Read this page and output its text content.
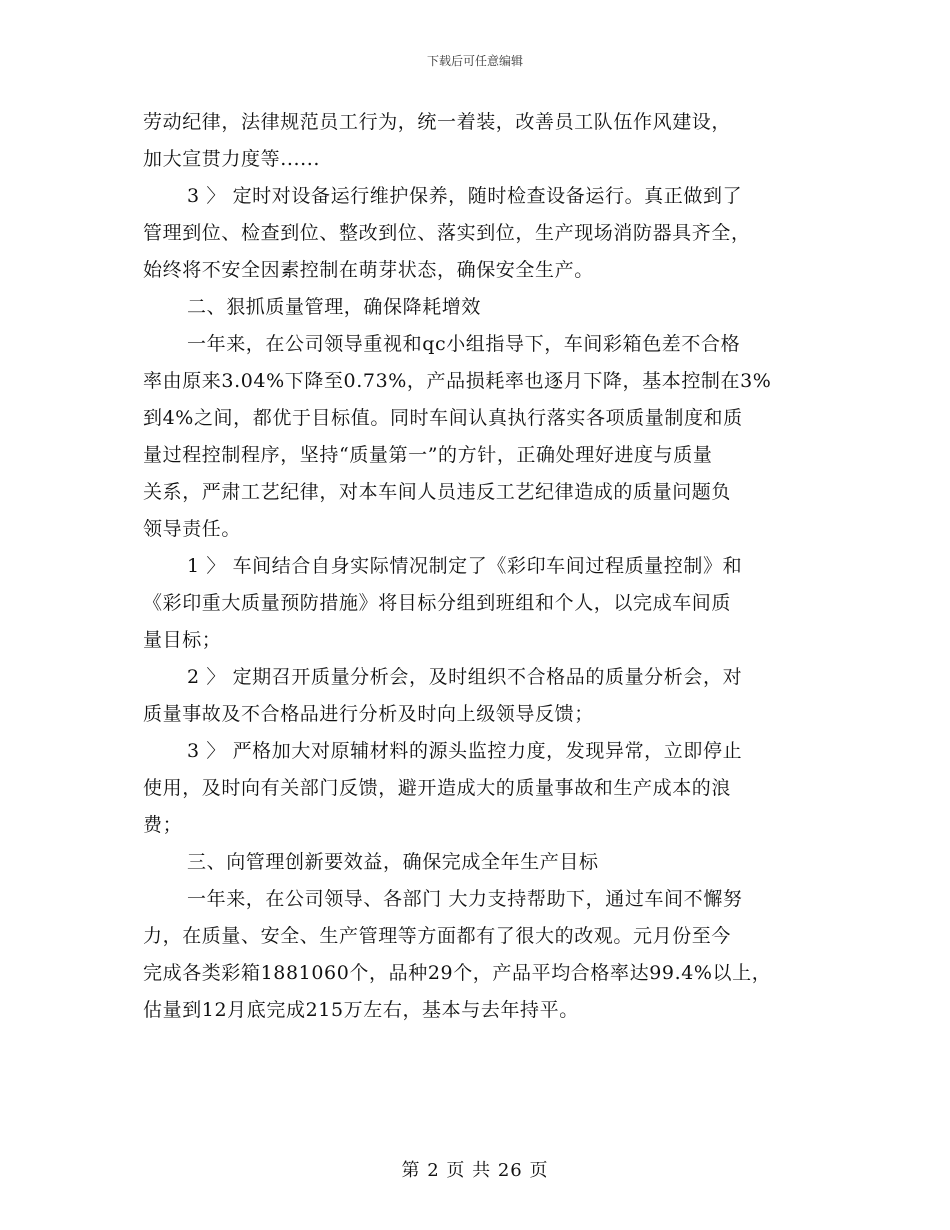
下载后可任意编辑
劳动纪律，法律规范员工行为，统一着装，改善员工队伍作风建设，
加大宣贯力度等......
3 〉 定时对设备运行维护保养，随时检查设备运行。真正做到了
管理到位、检查到位、整改到位、落实到位，生产现场消防器具齐全，
始终将不安全因素控制在萌芽状态，确保安全生产。
二、狠抓质量管理，确保降耗增效
一年来，在公司领导重视和qc小组指导下，车间彩箱色差不合格
率由原来3.04%下降至0.73%，产品损耗率也逐月下降，基本控制在3%
到4%之间，都优于目标值。同时车间认真执行落实各项质量制度和质
量过程控制程序，坚持“质量第一”的方针，正确处理好进度与质量
关系，严肃工艺纪律，对本车间人员违反工艺纪律造成的质量问题负
领导责任。
1 〉 车间结合自身实际情况制定了《彩印车间过程质量控制》和
《彩印重大质量预防措施》将目标分组到班组和个人，以完成车间质
量目标；
2 〉 定期召开质量分析会，及时组织不合格品的质量分析会，对
质量事故及不合格品进行分析及时向上级领导反馈；
3 〉 严格加大对原辅材料的源头监控力度，发现异常，立即停止
使用，及时向有关部门反馈，避开造成大的质量事故和生产成本的浪
费；
三、向管理创新要效益，确保完成全年生产目标
一年来，在公司领导、各部门 大力支持帮助下，通过车间不懈努
力，在质量、安全、生产管理等方面都有了很大的改观。元月份至今
完成各类彩箱1881060个，品种29个，产品平均合格率达99.4%以上，
估量到12月底完成215万左右，基本与去年持平。
第 2 页 共 26 页
